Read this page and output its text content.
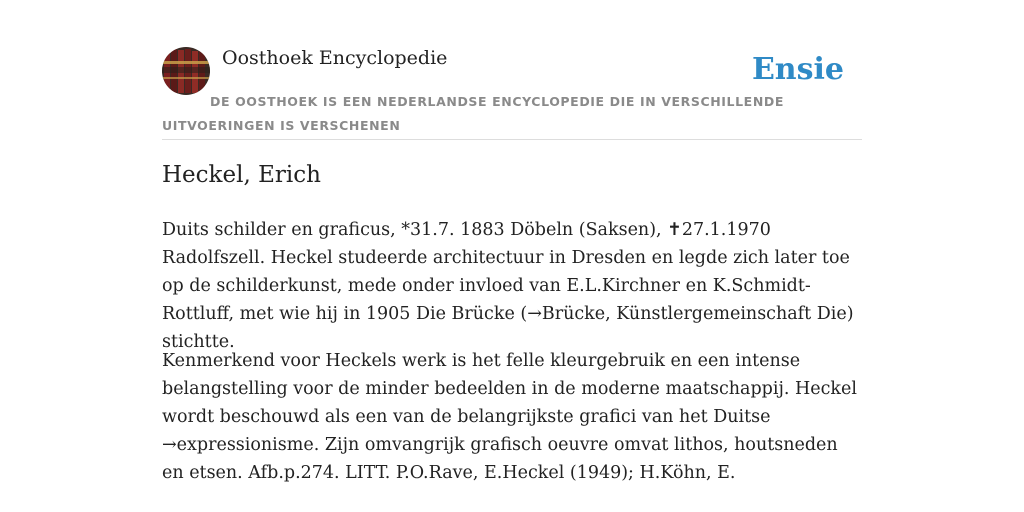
Oosthoek Encyclopedie	Ensie
DE OOSTHOEK IS EEN NEDERLANDSE ENCYCLOPEDIE DIE IN VERSCHILLENDE UITVOERINGEN IS VERSCHENEN
Heckel, Erich

Duits schilder en graficus, *31.7. 1883 Döbeln (Saksen), ✝27.1.1970 Radolfszell. Heckel studeerde architectuur in Dresden en legde zich later toe op de schilderkunst, mede onder invloed van E.L.Kirchner en K.Schmidt-Rottluff, met wie hij in 1905 Die Brücke (→Brücke, Künstlergemeinschaft Die) stichtte.

Kenmerkend voor Heckels werk is het felle kleurgebruik en een intense belangstelling voor de minder bedeelden in de moderne maatschappij. Heckel wordt beschouwd als een van de belangrijkste grafici van het Duitse →expressionisme. Zijn omvangrijk grafisch oeuvre omvat lithos, houtsneden en etsen. Afb.p.274. LITT. P.O.Rave, E.Heckel (1949); H.Köhn, E.
